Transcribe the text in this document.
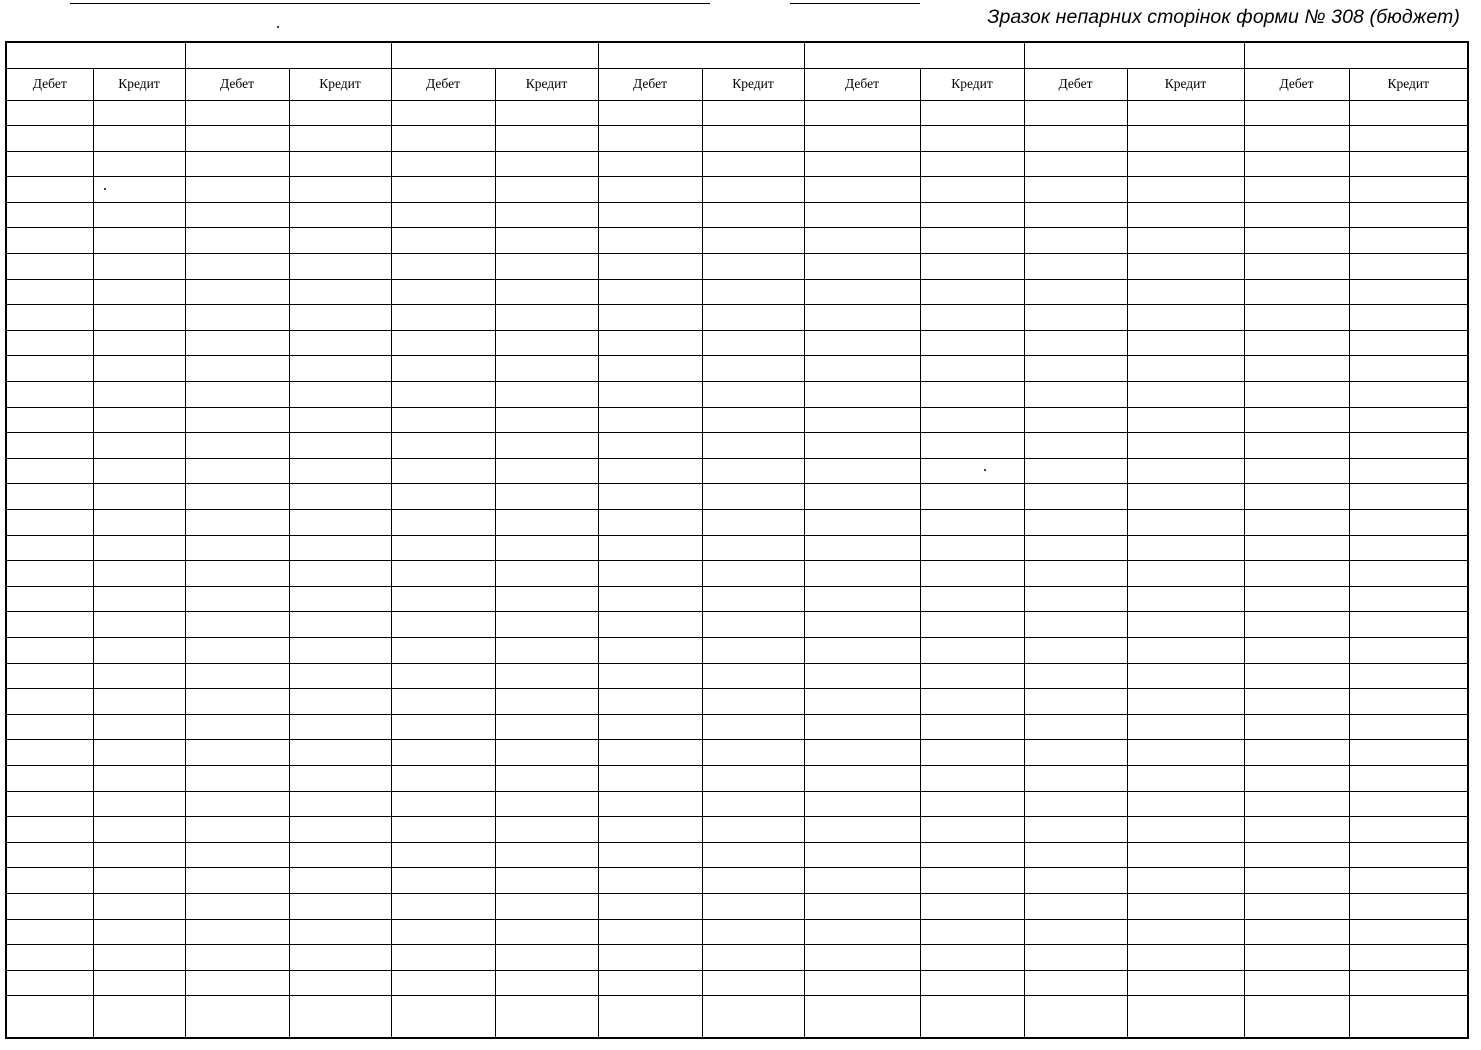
Зразок непарних сторінок форми № 308 (бюджет)

Дебет	Кредит	Дебет	Кредит	Дебет	Кредит	Дебет	Кредит	Дебет	Кредит	Дебет	Кредит	Дебет	Кредит
